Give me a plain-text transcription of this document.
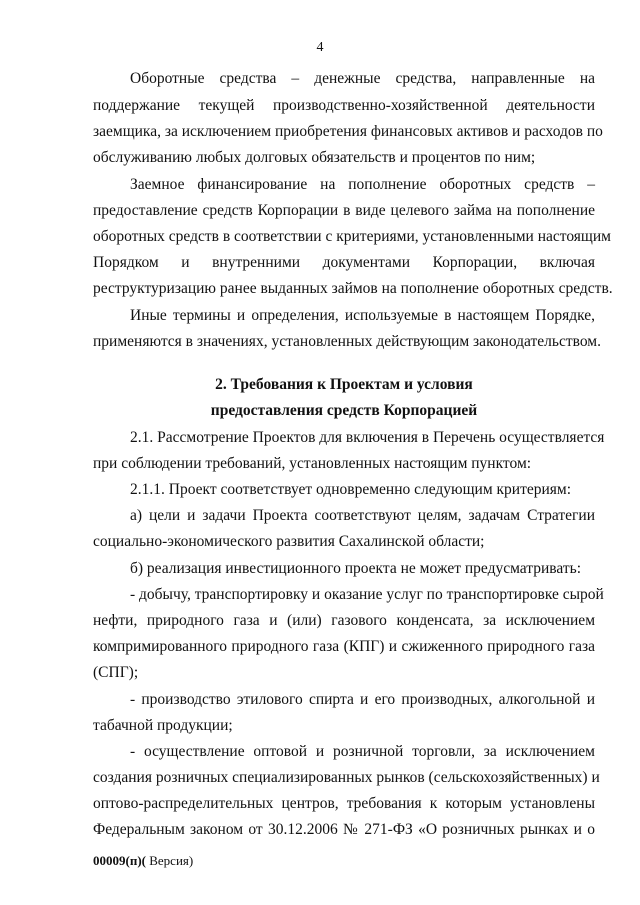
4
Оборотные средства – денежные средства, направленные на
поддержание текущей производственно-хозяйственной деятельности
заемщика, за исключением приобретения финансовых активов и расходов по
обслуживанию любых долговых обязательств и процентов по ним;
Заемное финансирование на пополнение оборотных средств –
предоставление средств Корпорации в виде целевого займа на пополнение
оборотных средств в соответствии с критериями, установленными настоящим
Порядком и внутренними документами Корпорации, включая
реструктуризацию ранее выданных займов на пополнение оборотных средств.
Иные термины и определения, используемые в настоящем Порядке,
применяются в значениях, установленных действующим законодательством.
2. Требования к Проектам и условия
предоставления средств Корпорацией
2.1. Рассмотрение Проектов для включения в Перечень осуществляется
при соблюдении требований, установленных настоящим пунктом:
2.1.1. Проект соответствует одновременно следующим критериям:
а) цели и задачи Проекта соответствуют целям, задачам Стратегии
социально-экономического развития Сахалинской области;
б) реализация инвестиционного проекта не может предусматривать:
- добычу, транспортировку и оказание услуг по транспортировке сырой
нефти, природного газа и (или) газового конденсата, за исключением
компримированного природного газа (КПГ) и сжиженного природного газа
(СПГ);
- производство этилового спирта и его производных, алкогольной и
табачной продукции;
- осуществление оптовой и розничной торговли, за исключением
создания розничных специализированных рынков (сельскохозяйственных) и
оптово-распределительных центров, требования к которым установлены
Федеральным законом от 30.12.2006 № 271-ФЗ «О розничных рынках и о
00009(п)( Версия)
